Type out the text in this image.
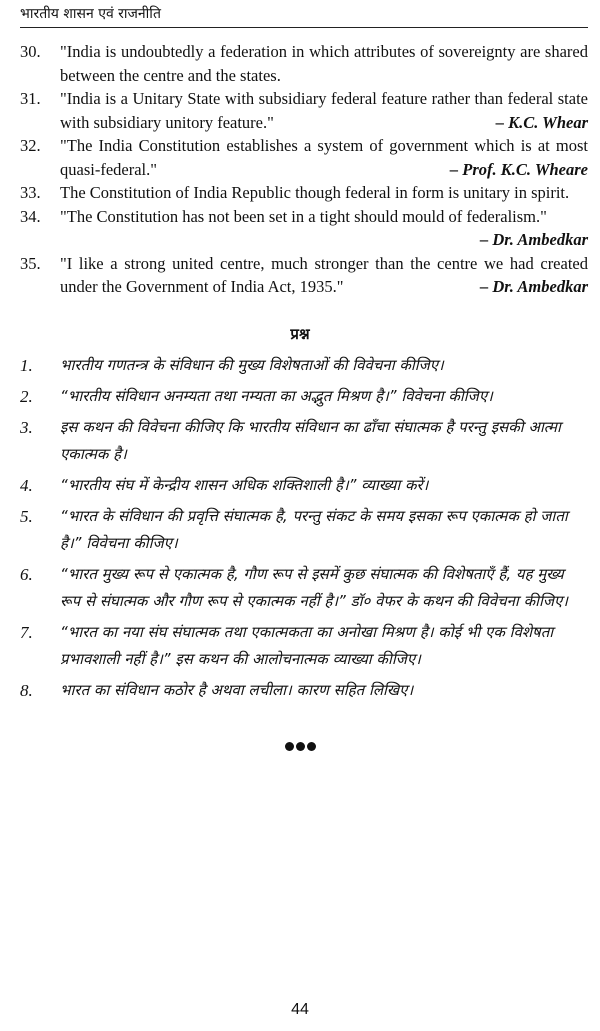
भारतीय शासन एवं राजनीति
30.	"India is undoubtedly a federation in which attributes of sovereignty are shared between the centre and the states.
31.	"India is a Unitary State with subsidiary federal feature rather than federal state with subsidiary unitory feature."	– K.C. Whear
32.	"The India Constitution establishes a system of government which is at most quasi-federal."	– Prof. K.C. Wheare
33.	The Constitution of India Republic though federal in form is unitary in spirit.
34.	"The Constitution has not been set in a tight should mould of federalism."
– Dr. Ambedkar
35.	"I like a strong united centre, much stronger than the centre we had created under the Government of India Act, 1935."	– Dr. Ambedkar
प्रश्न
1.	भारतीय गणतन्त्र के संविधान की मुख्य विशेषताओं की विवेचना कीजिए।
2.	“भारतीय संविधान अनम्यता तथा नम्यता का अद्भुत मिश्रण है।” विवेचना कीजिए।
3.	इस कथन की विवेचना कीजिए कि भारतीय संविधान का ढाँचा संघात्मक है परन्तु इसकी आत्मा एकात्मक है।
4.	“भारतीय संघ में केन्द्रीय शासन अधिक शक्तिशाली है।” व्याख्या करें।
5.	“भारत के संविधान की प्रवृत्ति संघात्मक है, परन्तु संकट के समय इसका रूप एकात्मक हो जाता है।” विवेचना कीजिए।
6.	“भारत मुख्य रूप से एकात्मक है, गौण रूप से इसमें कुछ संघात्मक की विशेषताएँ हैं, यह मुख्य रूप से संघात्मक और गौण रूप से एकात्मक नहीं है।” डॉ० वेफर के कथन की विवेचना कीजिए।
7.	“भारत का नया संघ संघात्मक तथा एकात्मकता का अनोखा मिश्रण है। कोई भी एक विशेषता प्रभावशाली नहीं है।” इस कथन की आलोचनात्मक व्याख्या कीजिए।
8.	भारत का संविधान कठोर है अथवा लचीला। कारण सहित लिखिए।
44
